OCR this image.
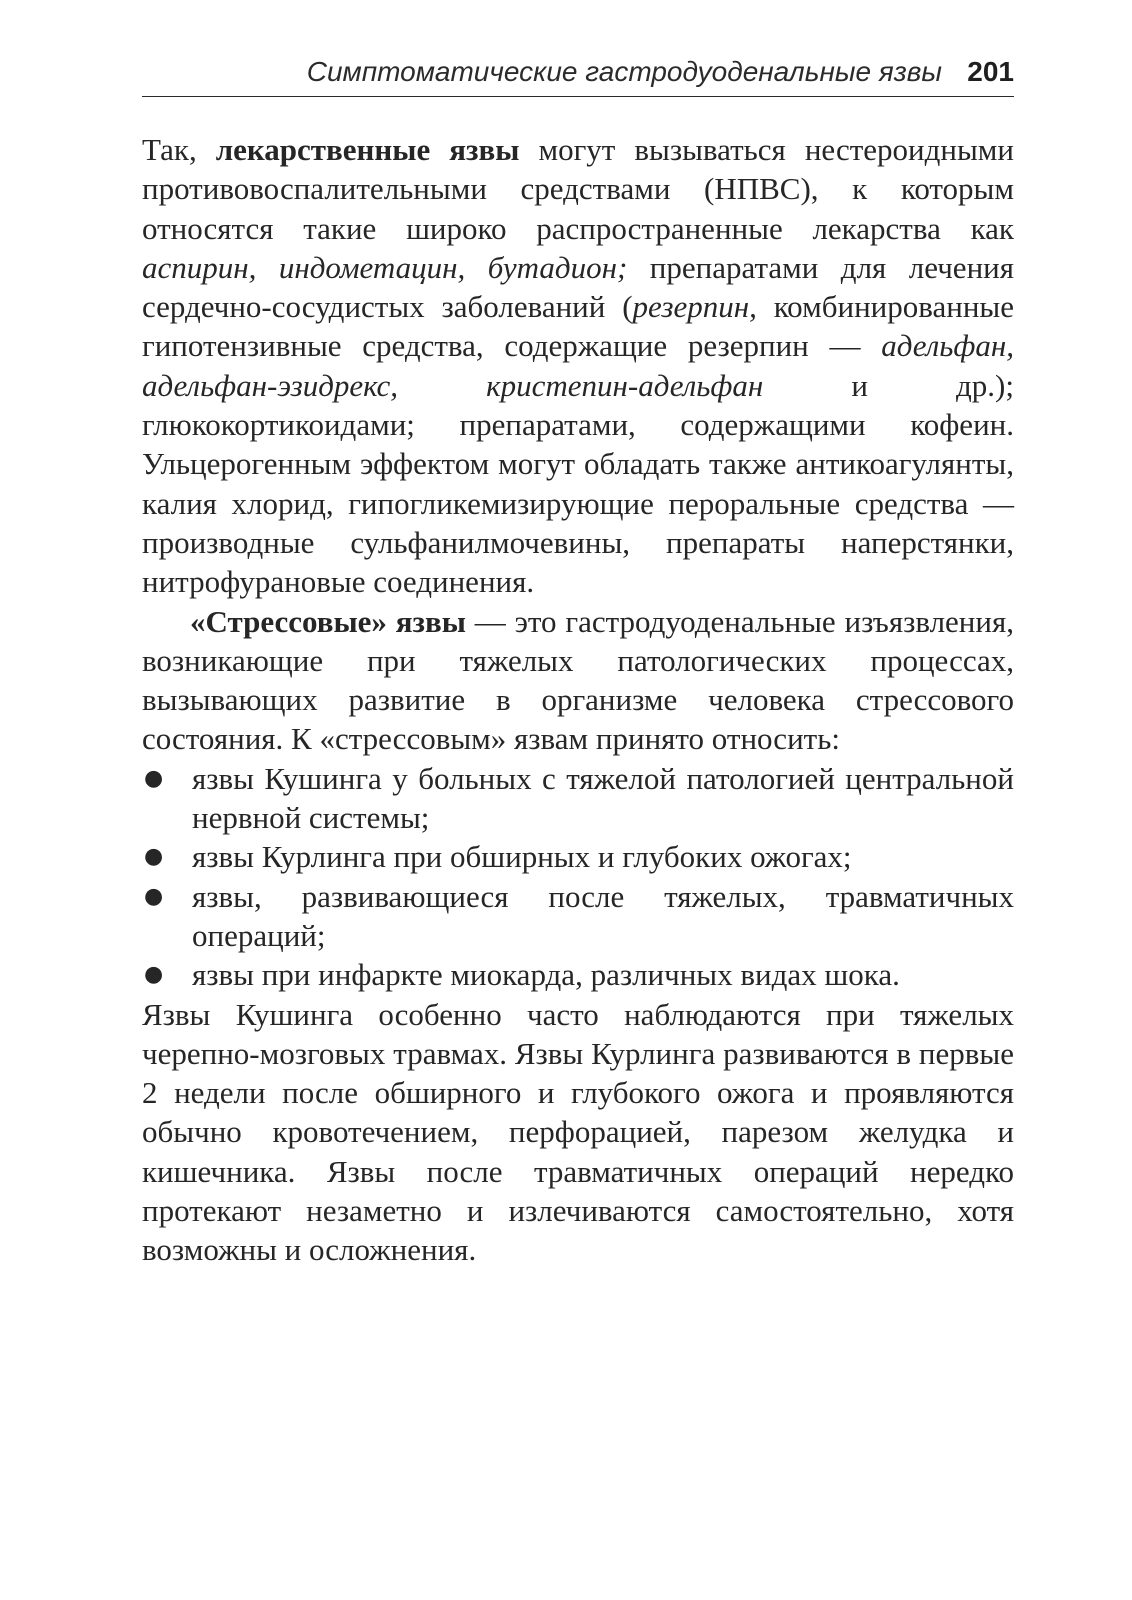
Симптоматические гастродуоденальные язвы 201

Так, лекарственные язвы могут вызываться нестероидными противовоспалительными средствами (НПВС), к которым относятся такие широко распространенные лекарства как аспирин, индометацин, бутадион; препаратами для лечения сердечно-сосудистых заболеваний (резерпин, комбинированные гипотензивные средства, содержащие резерпин — адельфан, адельфан-эзидрекс, кристепин-адельфан и др.); глюкокортикоидами; препаратами, содержащими кофеин. Ульцерогенным эффектом могут обладать также антикоагулянты, калия хлорид, гипогликемизирующие пероральные средства — производные сульфанилмочевины, препараты наперстянки, нитрофурановые соединения.

«Стрессовые» язвы — это гастродуоденальные изъязвления, возникающие при тяжелых патологических процессах, вызывающих развитие в организме человека стрессового состояния. К «стрессовым» язвам принято относить:

● язвы Кушинга у больных с тяжелой патологией центральной нервной системы;
● язвы Курлинга при обширных и глубоких ожогах;
● язвы, развивающиеся после тяжелых, травматичных операций;
● язвы при инфаркте миокарда, различных видах шока.

Язвы Кушинга особенно часто наблюдаются при тяжелых черепно-мозговых травмах. Язвы Курлинга развиваются в первые 2 недели после обширного и глубокого ожога и проявляются обычно кровотечением, перфорацией, парезом желудка и кишечника. Язвы после травматичных операций нередко протекают незаметно и излечиваются самостоятельно, хотя возможны и осложнения.
